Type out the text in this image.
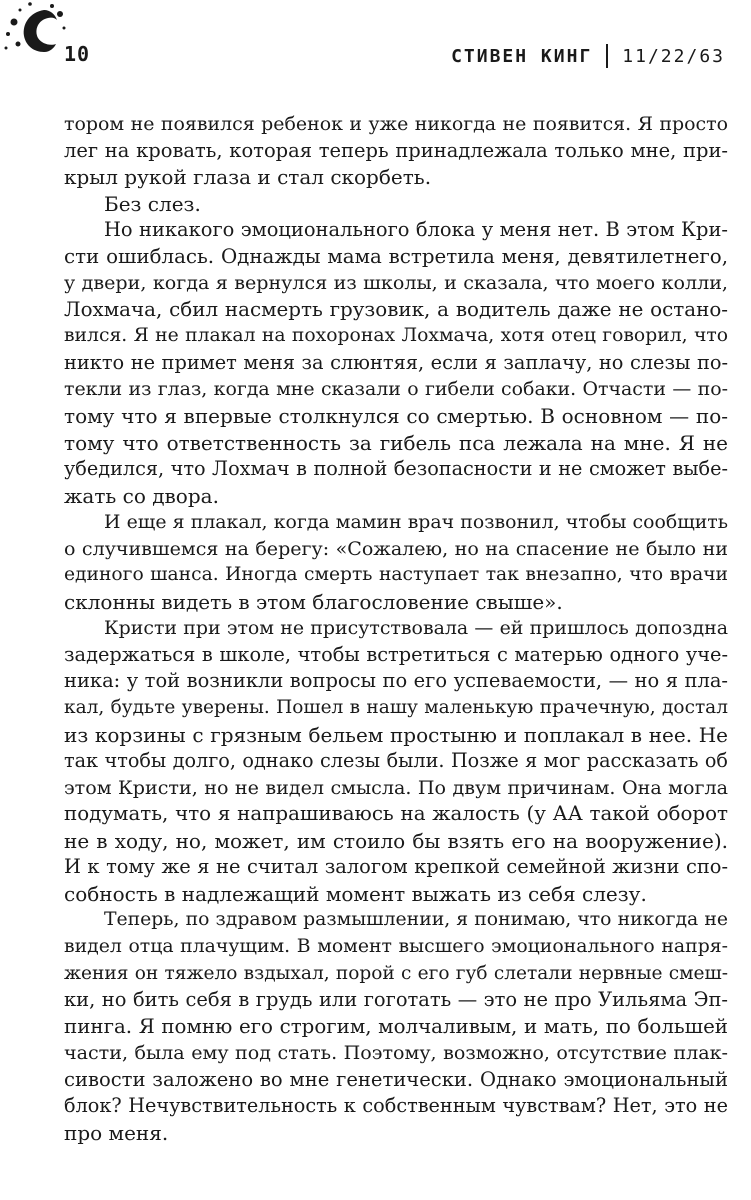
10	СТИВЕН КИНГ 11/22/63
тором не появился ребенок и уже никогда не появится. Я просто
лег на кровать, которая теперь принадлежала только мне, при-
крыл рукой глаза и стал скорбеть.
Без слез.
Но никакого эмоционального блока у меня нет. В этом Кри-
сти ошиблась. Однажды мама встретила меня, девятилетнего,
у двери, когда я вернулся из школы, и сказала, что моего колли,
Лохмача, сбил насмерть грузовик, а водитель даже не остано-
вился. Я не плакал на похоронах Лохмача, хотя отец говорил, что
никто не примет меня за слюнтяя, если я заплачу, но слезы по-
текли из глаз, когда мне сказали о гибели собаки. Отчасти — по-
тому что я впервые столкнулся со смертью. В основном — по-
тому что ответственность за гибель пса лежала на мне. Я не
убедился, что Лохмач в полной безопасности и не сможет выбе-
жать со двора.
И еще я плакал, когда мамин врач позвонил, чтобы сообщить
о случившемся на берегу: «Сожалею, но на спасение не было ни
единого шанса. Иногда смерть наступает так внезапно, что врачи
склонны видеть в этом благословение свыше».
Кристи при этом не присутствовала — ей пришлось допоздна
задержаться в школе, чтобы встретиться с матерью одного уче-
ника: у той возникли вопросы по его успеваемости, — но я пла-
кал, будьте уверены. Пошел в нашу маленькую прачечную, достал
из корзины с грязным бельем простыню и поплакал в нее. Не
так чтобы долго, однако слезы были. Позже я мог рассказать об
этом Кристи, но не видел смысла. По двум причинам. Она могла
подумать, что я напрашиваюсь на жалость (у АА такой оборот
не в ходу, но, может, им стоило бы взять его на вооружение).
И к тому же я не считал залогом крепкой семейной жизни спо-
собность в надлежащий момент выжать из себя слезу.
Теперь, по здравом размышлении, я понимаю, что никогда не
видел отца плачущим. В момент высшего эмоционального напря-
жения он тяжело вздыхал, порой с его губ слетали нервные смеш-
ки, но бить себя в грудь или гоготать — это не про Уильяма Эп-
пинга. Я помню его строгим, молчаливым, и мать, по большей
части, была ему под стать. Поэтому, возможно, отсутствие плак-
сивости заложено во мне генетически. Однако эмоциональный
блок? Нечувствительность к собственным чувствам? Нет, это не
про меня.
